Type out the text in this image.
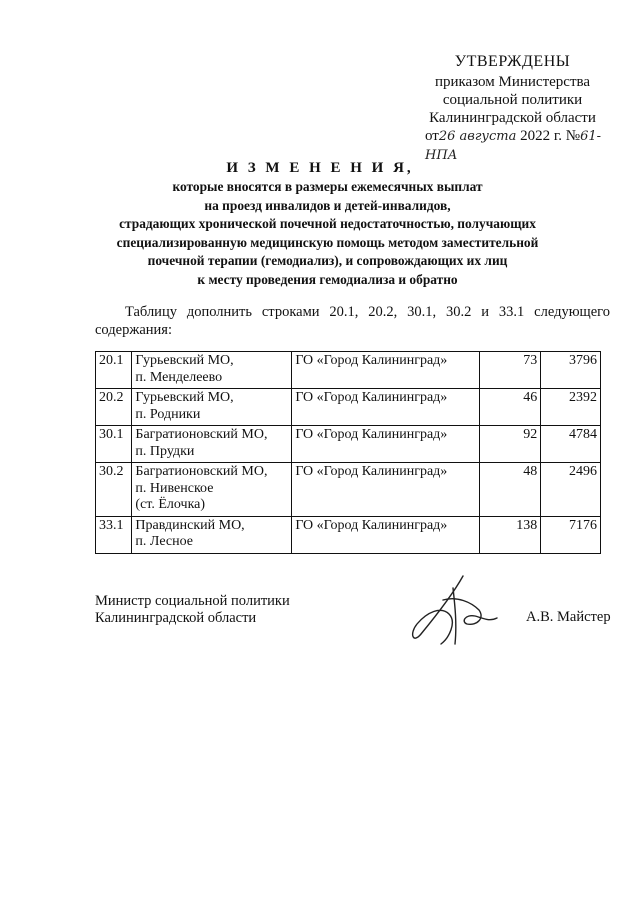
УТВЕРЖДЕНЫ
приказом Министерства
социальной политики
Калининградской области
от26 августа 2022 г. №61-НПА
И З М Е Н Е Н И Я,
которые вносятся в размеры ежемесячных выплат
на проезд инвалидов и детей-инвалидов,
страдающих хронической почечной недостаточностью, получающих
специализированную медицинскую помощь методом заместительной
почечной терапии (гемодиализ), и сопровождающих их лиц
к месту проведения гемодиализа и обратно
Таблицу дополнить строками 20.1, 20.2, 30.1, 30.2 и 33.1 следующего содержания:
20.1	Гурьевский МО,
п. Менделеево	ГО «Город Калининград»	73	3796
20.2	Гурьевский МО,
п. Родники	ГО «Город Калининград»	46	2392
30.1	Багратионовский МО,
п. Прудки	ГО «Город Калининград»	92	4784
30.2	Багратионовский МО,
п. Нивенское
(ст. Ёлочка)	ГО «Город Калининград»	48	2496
33.1	Правдинский МО,
п. Лесное	ГО «Город Калининград»	138	7176
Министр социальной политики
Калининградской области	А.В. Майстер
